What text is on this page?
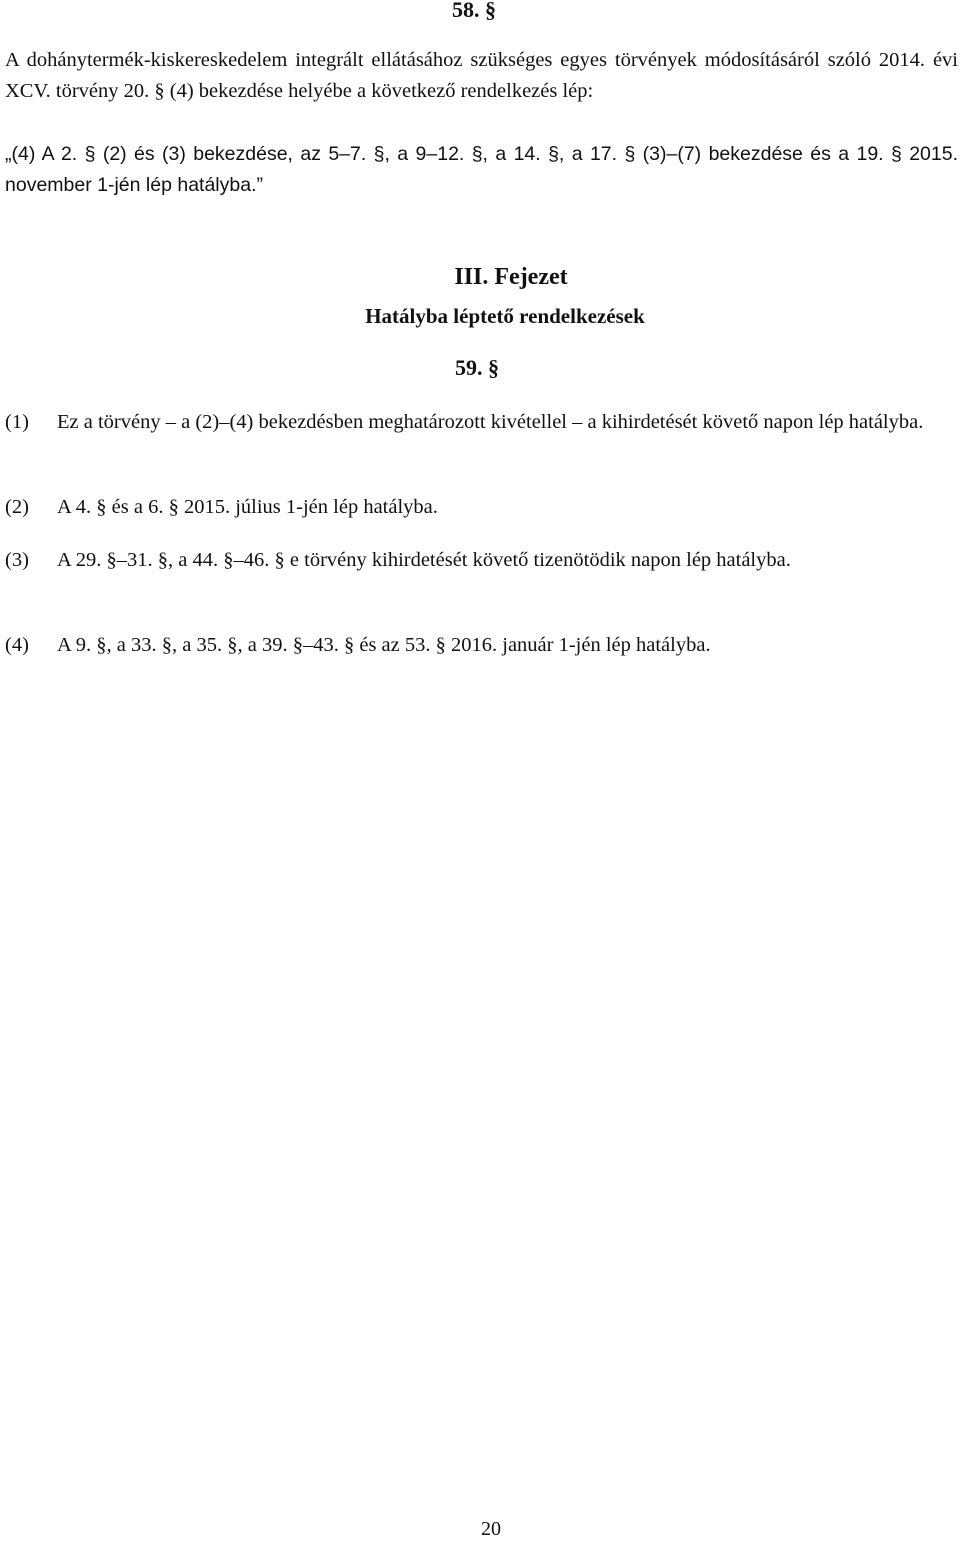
58. §
A dohánytermék-kiskereskedelem integrált ellátásához szükséges egyes törvények módosításáról szóló 2014. évi XCV. törvény 20. § (4) bekezdése helyébe a következő rendelkezés lép:
„(4) A 2. § (2) és (3) bekezdése, az 5–7. §, a 9–12. §, a 14. §, a 17. § (3)–(7) bekezdése és a 19. § 2015. november 1-jén lép hatályba.”
III. Fejezet
Hatályba léptető rendelkezések
59. §
(1) Ez a törvény – a (2)–(4) bekezdésben meghatározott kivétellel – a kihirdetését követő napon lép hatályba.
(2) A 4. § és a 6. § 2015. július 1-jén lép hatályba.
(3) A 29. §–31. §, a 44. §–46. § e törvény kihirdetését követő tizenötödik napon lép hatályba.
(4) A 9. §, a 33. §, a 35. §, a 39. §–43. § és az 53. § 2016. január 1-jén lép hatályba.
20
